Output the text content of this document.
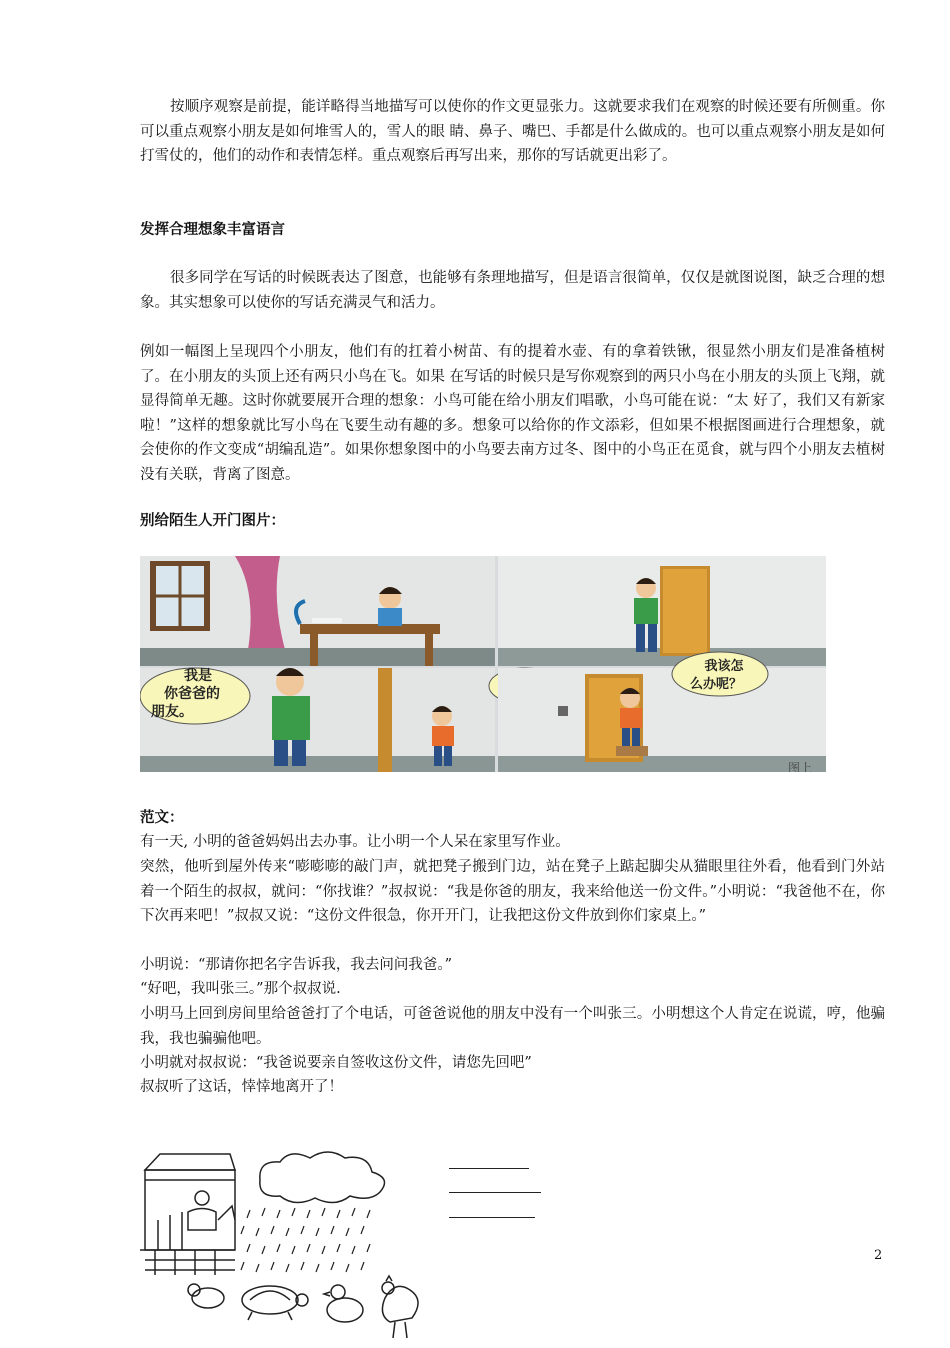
按顺序观察是前提，能详略得当地描写可以使你的作文更显张力。这就要求我们在观察的时候还要有所侧重。你可以重点观察小朋友是如何堆雪人的，雪人的眼 睛、鼻子、嘴巴、手都是什么做成的。也可以重点观察小朋友是如何打雪仗的，他们的动作和表情怎样。重点观察后再写出来，那你的写话就更出彩了。

发挥合理想象丰富语言

很多同学在写话的时候既表达了图意，也能够有条理地描写，但是语言很简单，仅仅是就图说图，缺乏合理的想象。其实想象可以使你的写话充满灵气和活力。

例如一幅图上呈现四个小朋友，他们有的扛着小树苗、有的提着水壶、有的拿着铁锹，很显然小朋友们是准备植树了。在小朋友的头顶上还有两只小鸟在飞。如果 在写话的时候只是写你观察到的两只小鸟在小朋友的头顶上飞翔，就显得简单无趣。这时你就要展开合理的想象：小鸟可能在给小朋友们唱歌，小鸟可能在说：“太 好了，我们又有新家啦！”这样的想象就比写小鸟在飞要生动有趣的多。想象可以给你的作文添彩，但如果不根据图画进行合理想象，就会使你的作文变成“胡编乱造”。如果你想象图中的小鸟要去南方过冬、图中的小鸟正在觅食，就与四个小朋友去植树没有关联，背离了图意。

别给陌生人开门图片：
我是
你爸爸的
朋友。
我该怎
么办呢？
图上
范文：

有一天, 小明的爸爸妈妈出去办事。让小明一个人呆在家里写作业。

突然，他听到屋外传来“嘭嘭嘭的敲门声，就把凳子搬到门边，站在凳子上踮起脚尖从猫眼里往外看，他看到门外站着一个陌生的叔叔，就问：“你找谁？”叔叔说：“我是你爸的朋友，我来给他送一份文件。”小明说：“我爸他不在，你下次再来吧！”叔叔又说：“这份文件很急，你开开门，让我把这份文件放到你们家桌上。”

小明说：“那请你把名字告诉我，我去问问我爸。”

“好吧，我叫张三。”那个叔叔说.

小明马上回到房间里给爸爸打了个电话，可爸爸说他的朋友中没有一个叫张三。小明想这个人肯定在说谎，哼，他骗我，我也骗骗他吧。

小明就对叔叔说：“我爸说要亲自签收这份文件，请您先回吧”

叔叔听了这话，悻悻地离开了！

2
